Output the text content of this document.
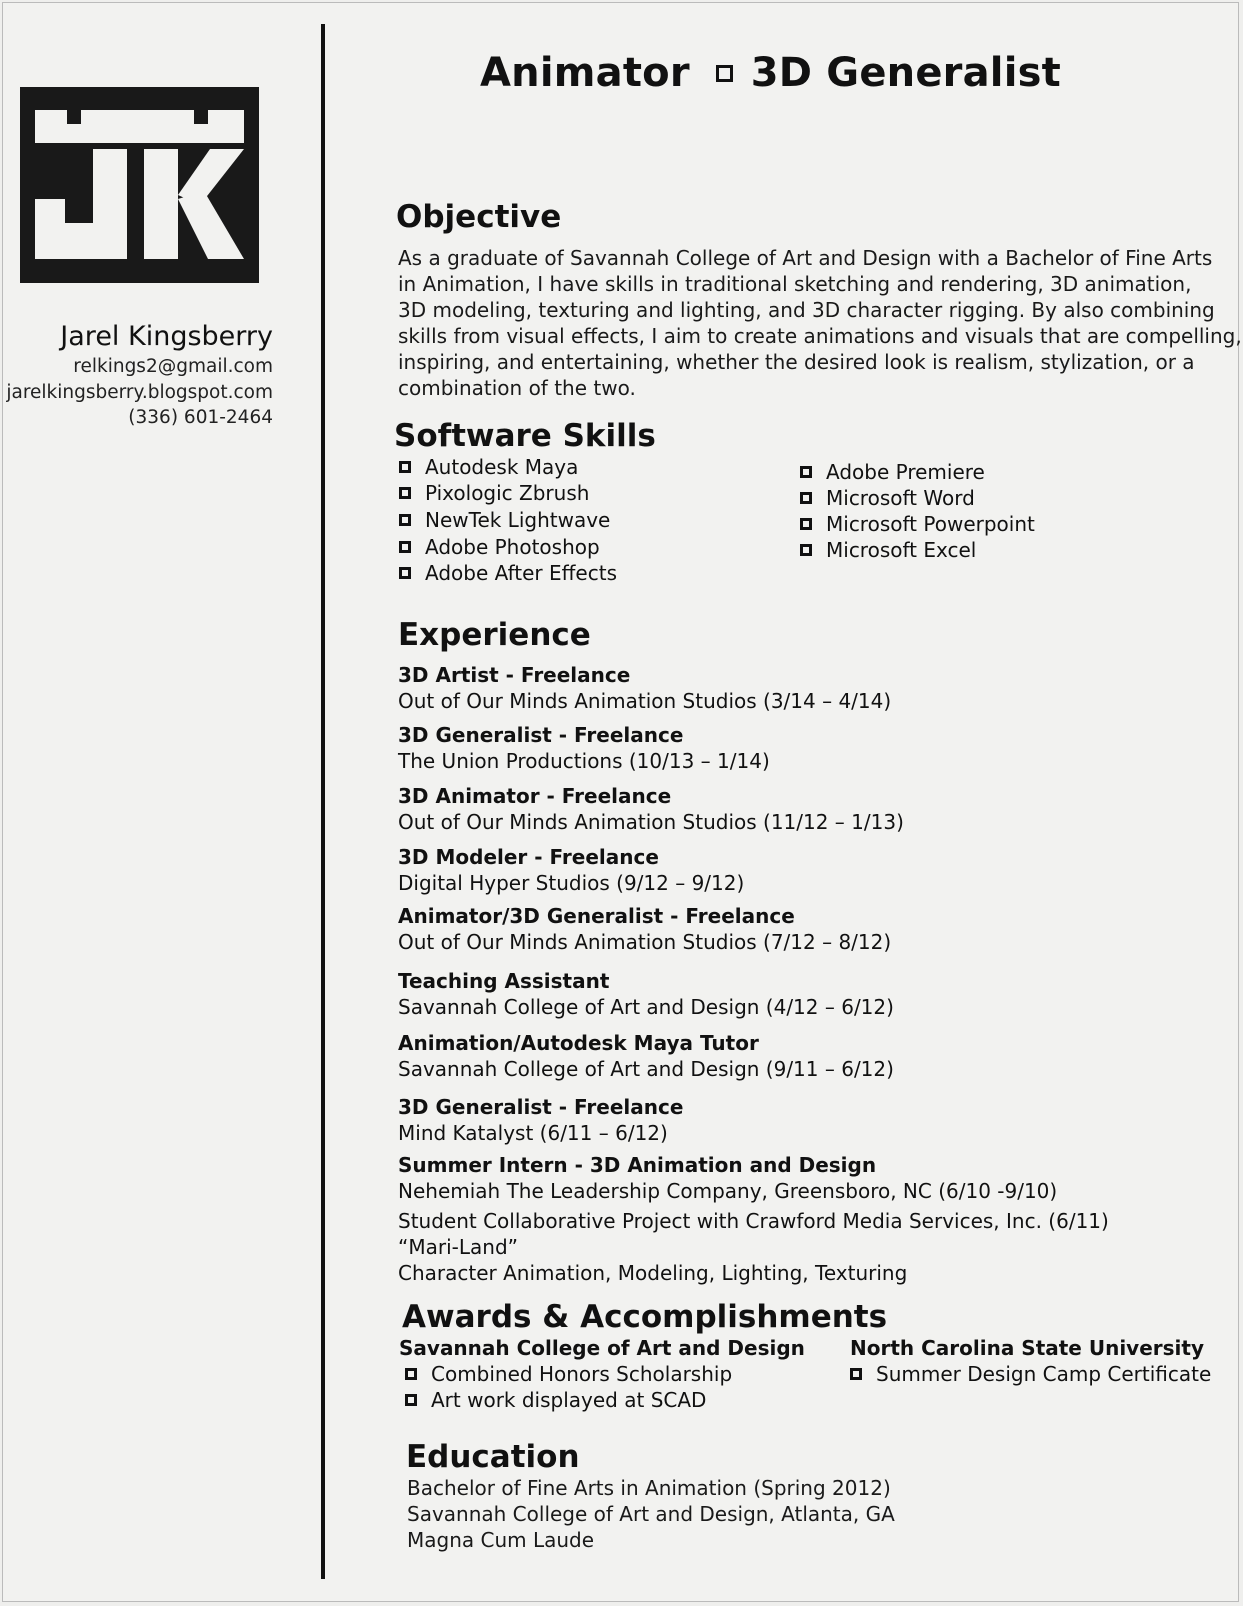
Jarel Kingsberry
relkings2@gmail.com
jarelkingsberry.blogspot.com
(336) 601-2464
Animator 3D Generalist
Objective
As a graduate of Savannah College of Art and Design with a Bachelor of Fine Arts
in Animation, I have skills in traditional sketching and rendering, 3D animation,
3D modeling, texturing and lighting, and 3D character rigging. By also combining
skills from visual effects, I aim to create animations and visuals that are compelling,
inspiring, and entertaining, whether the desired look is realism, stylization, or a
combination of the two.
Software Skills
Autodesk Maya
Pixologic Zbrush
NewTek Lightwave
Adobe Photoshop
Adobe After Effects
Adobe Premiere
Microsoft Word
Microsoft Powerpoint
Microsoft Excel
Experience
3D Artist - Freelance
Out of Our Minds Animation Studios (3/14 – 4/14)
3D Generalist - Freelance
The Union Productions (10/13 – 1/14)
3D Animator - Freelance
Out of Our Minds Animation Studios (11/12 – 1/13)
3D Modeler - Freelance
Digital Hyper Studios (9/12 – 9/12)
Animator/3D Generalist - Freelance
Out of Our Minds Animation Studios (7/12 – 8/12)
Teaching Assistant
Savannah College of Art and Design (4/12 – 6/12)
Animation/Autodesk Maya Tutor
Savannah College of Art and Design (9/11 – 6/12)
3D Generalist - Freelance
Mind Katalyst (6/11 – 6/12)
Summer Intern - 3D Animation and Design
Nehemiah The Leadership Company, Greensboro, NC (6/10 -9/10)
Student Collaborative Project with Crawford Media Services, Inc. (6/11)
“Mari-Land”
Character Animation, Modeling, Lighting, Texturing
Awards & Accomplishments
Savannah College of Art and Design
Combined Honors Scholarship
Art work displayed at SCAD
North Carolina State University
Summer Design Camp Certificate
Education
Bachelor of Fine Arts in Animation (Spring 2012)
Savannah College of Art and Design, Atlanta, GA
Magna Cum Laude
